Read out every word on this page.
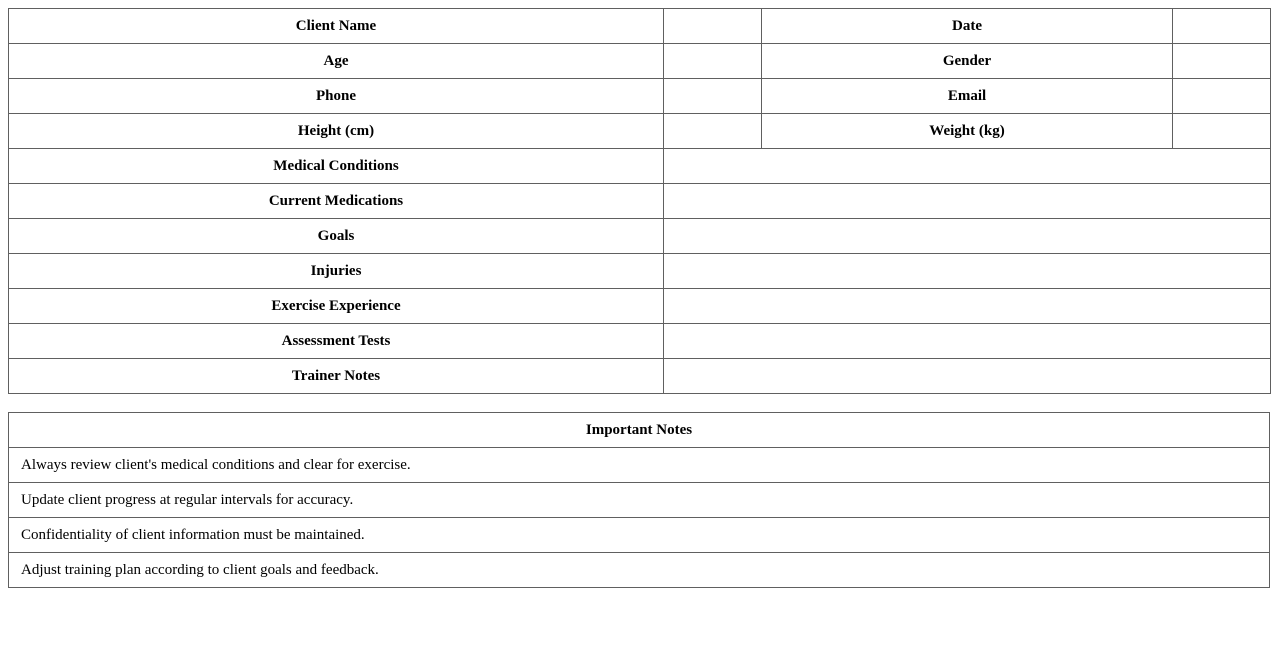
Client Name		Date	
Age		Gender	
Phone		Email	
Height (cm)		Weight (kg)	
Medical Conditions			
Current Medications			
Goals			
Injuries			
Exercise Experience			
Assessment Tests			
Trainer Notes			
Important Notes
Always review client's medical conditions and clear for exercise.
Update client progress at regular intervals for accuracy.
Confidentiality of client information must be maintained.
Adjust training plan according to client goals and feedback.
